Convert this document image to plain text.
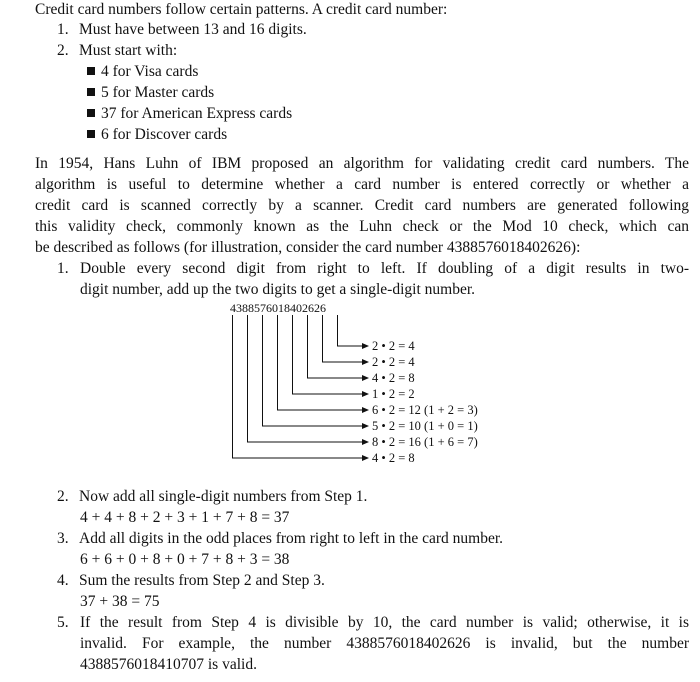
Credit card numbers follow certain patterns. A credit card number:
1. Must have between 13 and 16 digits.
2. Must start with:
4 for Visa cards
5 for Master cards
37 for American Express cards
6 for Discover cards
In 1954, Hans Luhn of IBM proposed an algorithm for validating credit card numbers. The
algorithm is useful to determine whether a card number is entered correctly or whether a
credit card is scanned correctly by a scanner. Credit card numbers are generated following
this validity check, commonly known as the Luhn check or the Mod 10 check, which can
be described as follows (for illustration, consider the card number 4388576018402626):
1. Double every second digit from right to left. If doubling of a digit results in two-
digit number, add up the two digits to get a single-digit number.
4388576018402626
2 • 2 = 4
2 • 2 = 4
4 • 2 = 8
1 • 2 = 2
6 • 2 = 12 (1 + 2 = 3)
5 • 2 = 10 (1 + 0 = 1)
8 • 2 = 16 (1 + 6 = 7)
4 • 2 = 8
2. Now add all single-digit numbers from Step 1.
4 + 4 + 8 + 2 + 3 + 1 + 7 + 8 = 37
3. Add all digits in the odd places from right to left in the card number.
6 + 6 + 0 + 8 + 0 + 7 + 8 + 3 = 38
4. Sum the results from Step 2 and Step 3.
37 + 38 = 75
5. If the result from Step 4 is divisible by 10, the card number is valid; otherwise, it is
invalid. For example, the number 4388576018402626 is invalid, but the number
4388576018410707 is valid.
